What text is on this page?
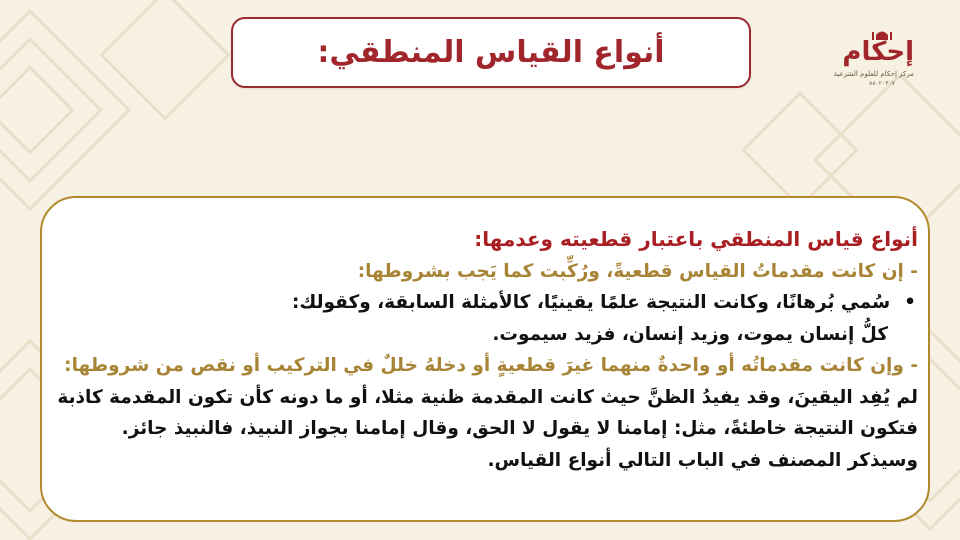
أنواع القياس المنطقي:	إحكام
مركز إحكام للعلوم الشرعية
٨٨٠٢٠٣٠٧

أنواع قياس المنطقي باعتبار قطعيته وعدمها:

- إن كانت مقدماتُ القياس قطعيةً، ورُكِّبت كما يَجب بشروطها:

•سُمي بُرهانًا، وكانت النتيجة علمًا يقينيًا، كالأمثلة السابقة، وكقولك:

كلُّ إنسان يموت، وزيد إنسان، فزيد سيموت.

- وإن كانت مقدماتُه أو واحدةٌ منهما غيرَ قطعيةٍ أو دخلهُ خللٌ في التركيب أو نقص من شروطها:

لم يُفِد اليقينَ، وقد يفيدُ الظنَّ حيث كانت المقدمة ظنية مثلا، أو ما دونه كأن تكون المقدمة كاذبة

فتكون النتيجة خاطئةً، مثل: إمامنا لا يقول لا الحق، وقال إمامنا بجواز النبيذ، فالنبيذ جائز.

وسيذكر المصنف في الباب التالي أنواع القياس.
